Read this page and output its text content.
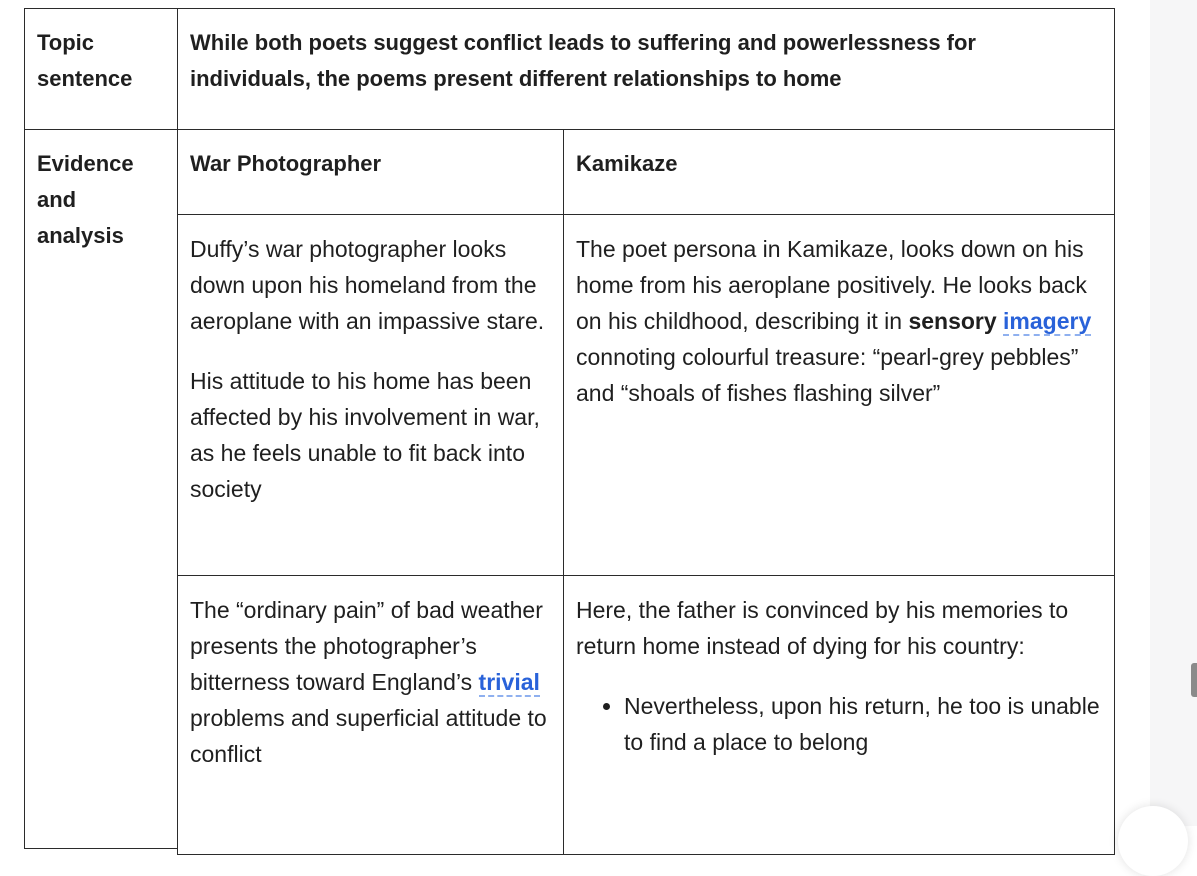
Topic sentence
While both poets suggest conflict leads to suffering and powerlessness for individuals, the poems present different relationships to home
Evidence and analysis
War Photographer	Kamikaze

Duffy’s war photographer looks down upon his homeland from the aeroplane with an impassive stare.

His attitude to his home has been affected by his involvement in war, as he feels unable to fit back into society

The poet persona in Kamikaze, looks down on his home from his aeroplane positively. He looks back on his childhood, describing it in sensory imagery connoting colourful treasure: “pearl-grey pebbles” and “shoals of fishes flashing silver”

The “ordinary pain” of bad weather presents the photographer’s bitterness toward England’s trivial problems and superficial attitude to conflict

Here, the father is convinced by his memories to return home instead of dying for his country:

• Nevertheless, upon his return, he too is unable to find a place to belong
